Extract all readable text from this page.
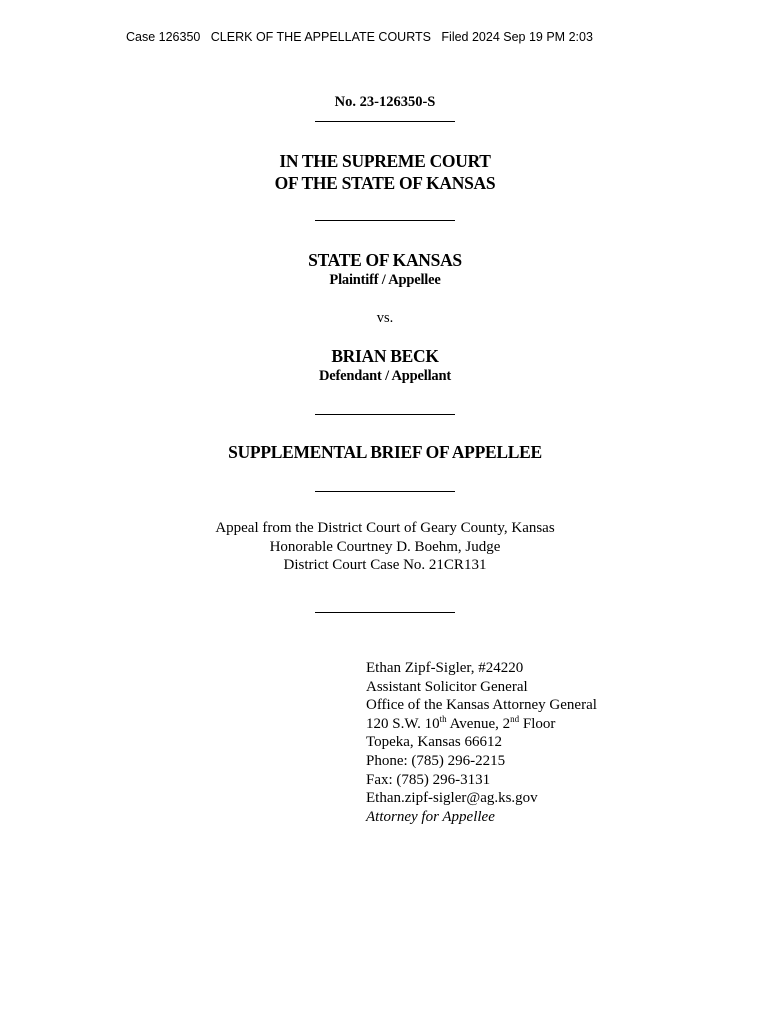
Case 126350   CLERK OF THE APPELLATE COURTS   Filed 2024 Sep 19 PM 2:03
No. 23-126350-S
IN THE SUPREME COURT
OF THE STATE OF KANSAS
STATE OF KANSAS
Plaintiff / Appellee
vs.
BRIAN BECK
Defendant / Appellant
SUPPLEMENTAL BRIEF OF APPELLEE
Appeal from the District Court of Geary County, Kansas
Honorable Courtney D. Boehm, Judge
District Court Case No. 21CR131
Ethan Zipf-Sigler, #24220
Assistant Solicitor General
Office of the Kansas Attorney General
120 S.W. 10th Avenue, 2nd Floor
Topeka, Kansas 66612
Phone: (785) 296-2215
Fax: (785) 296-3131
Ethan.zipf-sigler@ag.ks.gov
Attorney for Appellee
